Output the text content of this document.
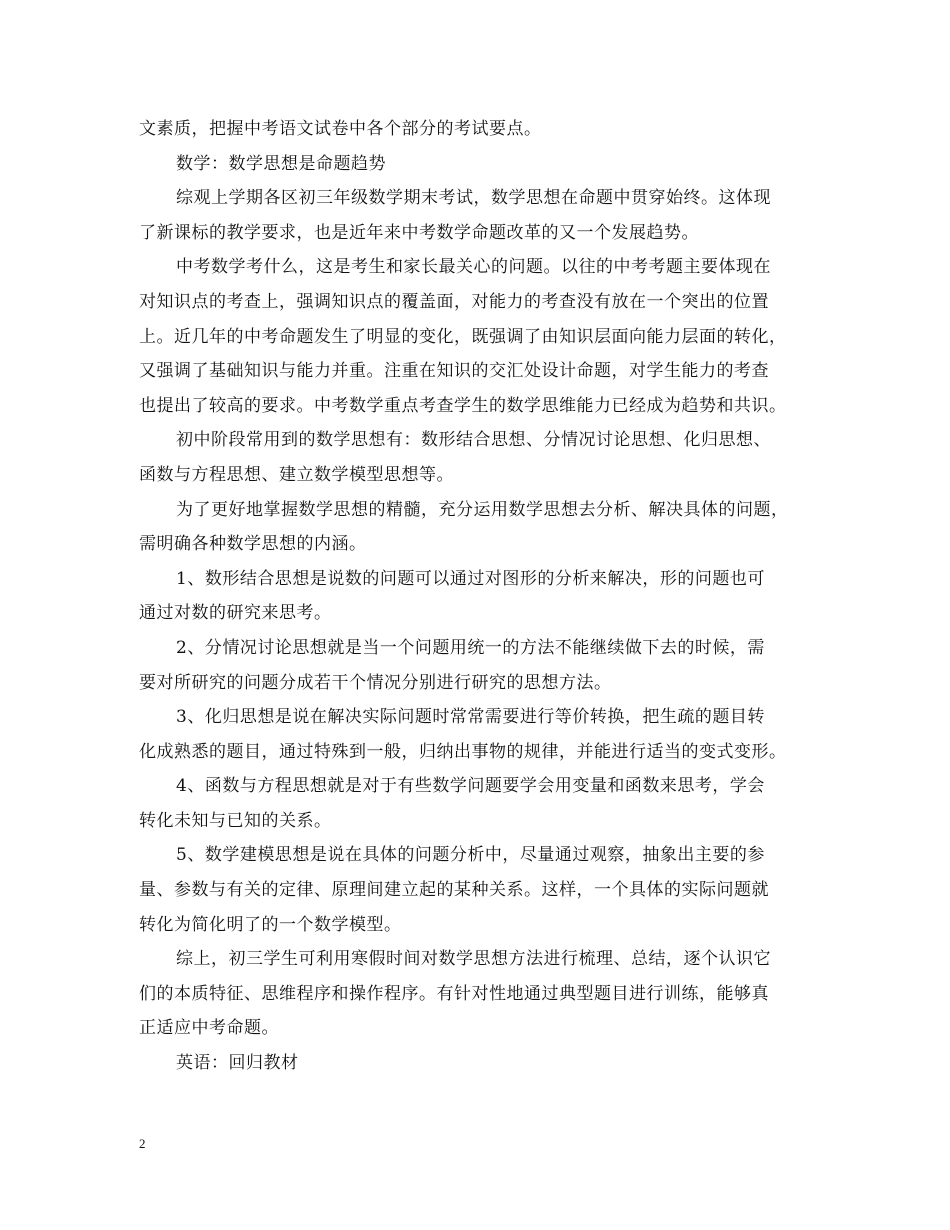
文素质，把握中考语文试卷中各个部分的考试要点。
数学：数学思想是命题趋势
综观上学期各区初三年级数学期末考试，数学思想在命题中贯穿始终。这体现
了新课标的教学要求，也是近年来中考数学命题改革的又一个发展趋势。
中考数学考什么，这是考生和家长最关心的问题。以往的中考考题主要体现在
对知识点的考查上，强调知识点的覆盖面，对能力的考查没有放在一个突出的位置
上。近几年的中考命题发生了明显的变化，既强调了由知识层面向能力层面的转化，
又强调了基础知识与能力并重。注重在知识的交汇处设计命题，对学生能力的考查
也提出了较高的要求。中考数学重点考查学生的数学思维能力已经成为趋势和共识。
初中阶段常用到的数学思想有：数形结合思想、分情况讨论思想、化归思想、
函数与方程思想、建立数学模型思想等。
为了更好地掌握数学思想的精髓，充分运用数学思想去分析、解决具体的问题，
需明确各种数学思想的内涵。
1、数形结合思想是说数的问题可以通过对图形的分析来解决，形的问题也可
通过对数的研究来思考。
2、分情况讨论思想就是当一个问题用统一的方法不能继续做下去的时候，需
要对所研究的问题分成若干个情况分别进行研究的思想方法。
3、化归思想是说在解决实际问题时常常需要进行等价转换，把生疏的题目转
化成熟悉的题目，通过特殊到一般，归纳出事物的规律，并能进行适当的变式变形。
4、函数与方程思想就是对于有些数学问题要学会用变量和函数来思考，学会
转化未知与已知的关系。
5、数学建模思想是说在具体的问题分析中，尽量通过观察，抽象出主要的参
量、参数与有关的定律、原理间建立起的某种关系。这样，一个具体的实际问题就
转化为简化明了的一个数学模型。
综上，初三学生可利用寒假时间对数学思想方法进行梳理、总结，逐个认识它
们的本质特征、思维程序和操作程序。有针对性地通过典型题目进行训练，能够真
正适应中考命题。
英语：回归教材
2
